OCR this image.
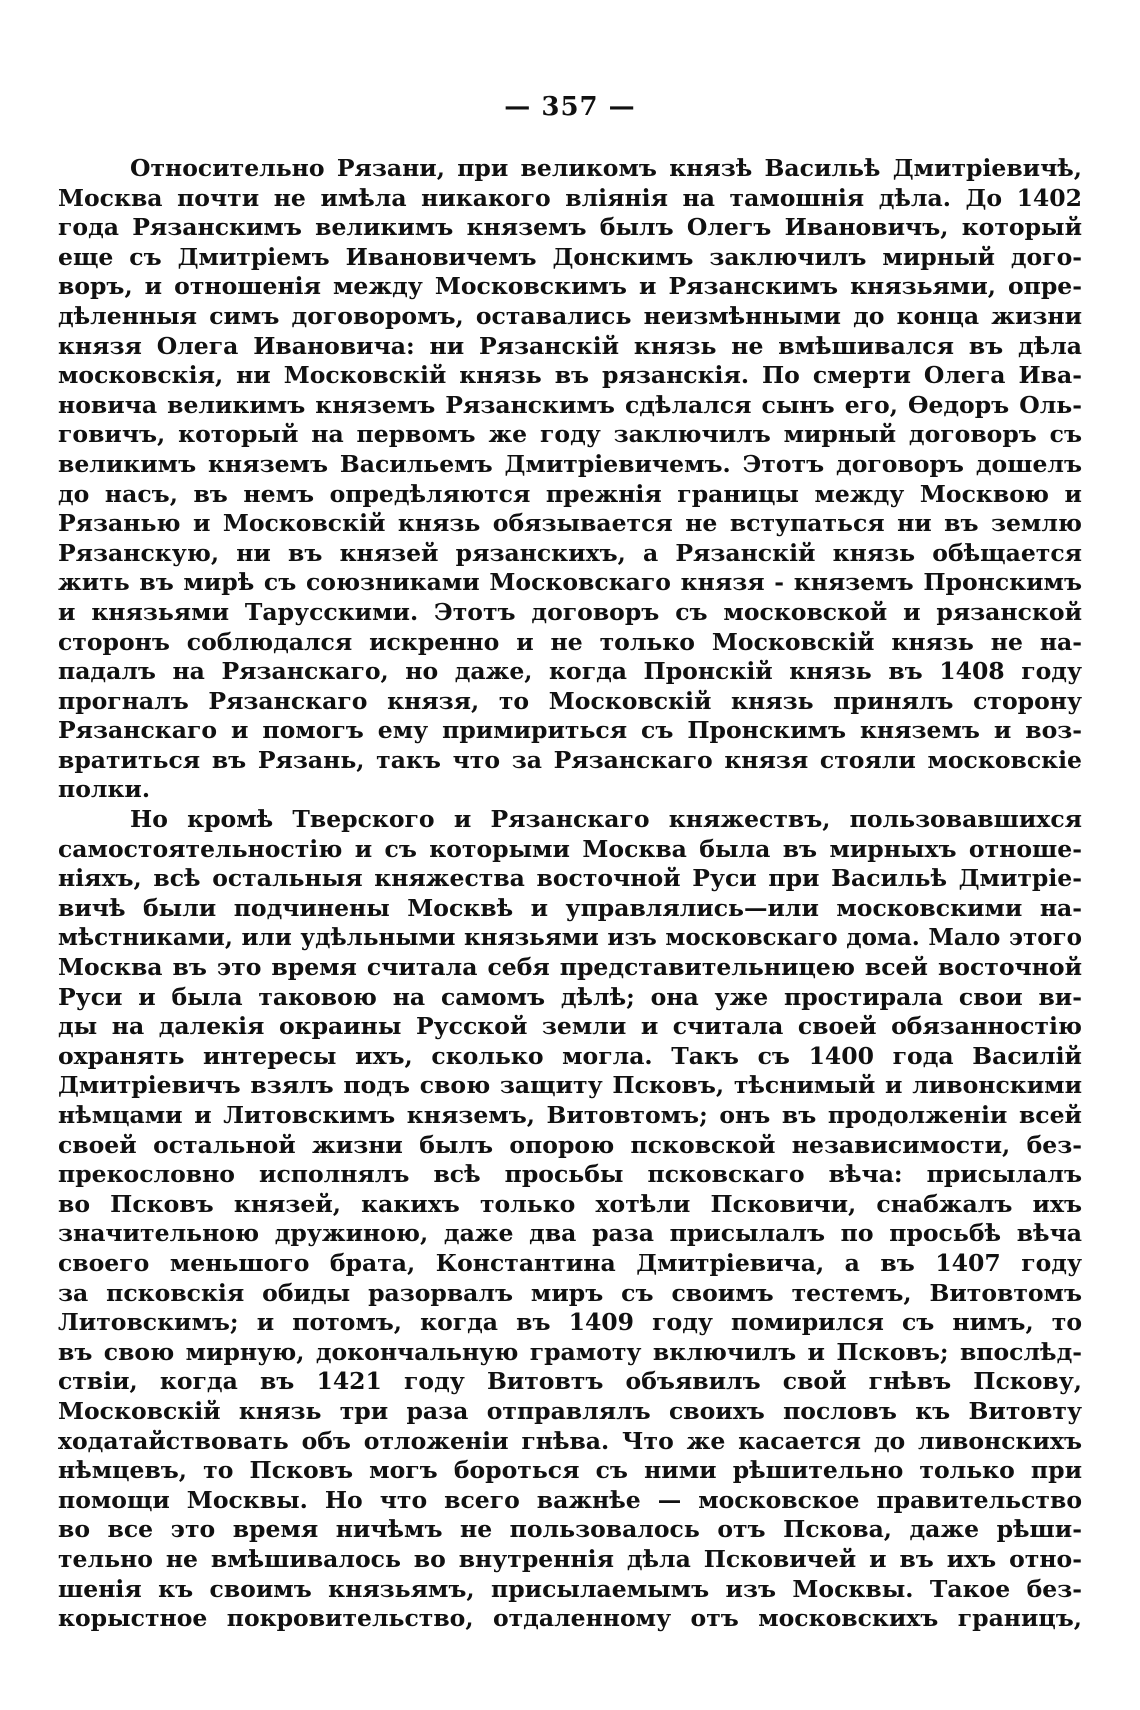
— 357 —
Относительно Рязани, при великомъ князѣ Васильѣ Дмитріевичѣ,
Москва почти не имѣла никакого вліянія на тамошнія дѣла. До 1402
года Рязанскимъ великимъ княземъ былъ Олегъ Ивановичъ, который
еще съ Дмитріемъ Ивановичемъ Донскимъ заключилъ мирный дого-
воръ, и отношенія между Московскимъ и Рязанскимъ князьями, опре-
дѣленныя симъ договоромъ, оставались неизмѣнными до конца жизни
князя Олега Ивановича: ни Рязанскій князь не вмѣшивался въ дѣла
московскія, ни Московскій князь въ рязанскія. По смерти Олега Ива-
новича великимъ княземъ Рязанскимъ сдѣлался сынъ его, Өедоръ Оль-
говичъ, который на первомъ же году заключилъ мирный договоръ съ
великимъ княземъ Васильемъ Дмитріевичемъ. Этотъ договоръ дошелъ
до насъ, въ немъ опредѣляются прежнія границы между Москвою и
Рязанью и Московскій князь обязывается не вступаться ни въ землю
Рязанскую, ни въ князей рязанскихъ, а Рязанскій князь обѣщается
жить въ мирѣ съ союзниками Московскаго князя - княземъ Пронскимъ
и князьями Тарусскими. Этотъ договоръ съ московской и рязанской
сторонъ соблюдался искренно и не только Московскій князь не на-
падалъ на Рязанскаго, но даже, когда Пронскій князь въ 1408 году
прогналъ Рязанскаго князя, то Московскій князь принялъ сторону
Рязанскаго и помогъ ему примириться съ Пронскимъ княземъ и воз-
вратиться въ Рязань, такъ что за Рязанскаго князя стояли московскіе
полки.
Но кромѣ Тверского и Рязанскаго княжествъ, пользовавшихся
самостоятельностію и съ которыми Москва была въ мирныхъ отноше-
ніяхъ, всѣ остальныя княжества восточной Руси при Васильѣ Дмитріе-
вичѣ были подчинены Москвѣ и управлялись—или московскими на-
мѣстниками, или удѣльными князьями изъ московскаго дома. Мало этого
Москва въ это время считала себя представительницею всей восточной
Руси и была таковою на самомъ дѣлѣ; она уже простирала свои ви-
ды на далекія окраины Русской земли и считала своей обязанностію
охранять интересы ихъ, сколько могла. Такъ съ 1400 года Василій
Дмитріевичъ взялъ подъ свою защиту Псковъ, тѣснимый и ливонскими
нѣмцами и Литовскимъ княземъ, Витовтомъ; онъ въ продолженіи всей
своей остальной жизни былъ опорою псковской независимости, без-
прекословно исполнялъ всѣ просьбы псковскаго вѣча: присылалъ
во Псковъ князей, какихъ только хотѣли Псковичи, снабжалъ ихъ
значительною дружиною, даже два раза присылалъ по просьбѣ вѣча
своего меньшого брата, Константина Дмитріевича, а въ 1407 году
за псковскія обиды разорвалъ миръ съ своимъ тестемъ, Витовтомъ
Литовскимъ; и потомъ, когда въ 1409 году помирился съ нимъ, то
въ свою мирную, докончальную грамоту включилъ и Псковъ; впослѣд-
ствіи, когда въ 1421 году Витовтъ объявилъ свой гнѣвъ Пскову,
Московскій князь три раза отправлялъ своихъ пословъ къ Витовту
ходатайствовать объ отложеніи гнѣва. Что же касается до ливонскихъ
нѣмцевъ, то Псковъ могъ бороться съ ними рѣшительно только при
помощи Москвы. Но что всего важнѣе — московское правительство
во все это время ничѣмъ не пользовалось отъ Пскова, даже рѣши-
тельно не вмѣшивалось во внутреннія дѣла Псковичей и въ ихъ отно-
шенія къ своимъ князьямъ, присылаемымъ изъ Москвы. Такое без-
корыстное покровительство, отдаленному отъ московскихъ границъ,
